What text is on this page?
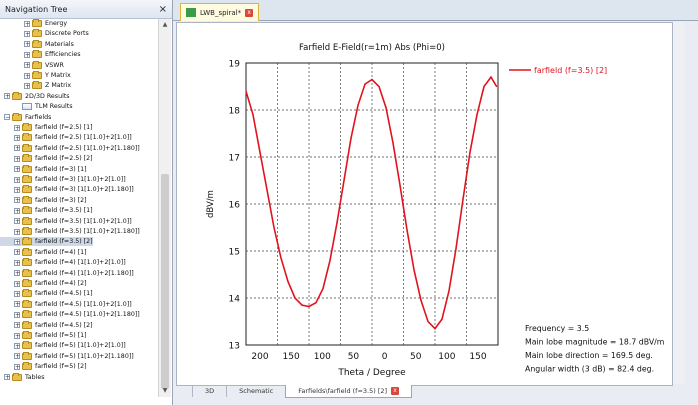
Navigation Tree	×
+ Energy
+ Discrete Ports
+ Materials
+ Efficiencies
+ VSWR
+ Y Matrix
+ Z Matrix
+ 2D/3D Results
TLM Results
− Farfields
+ farfield (f=2.5) [1]
+ farfield (f=2.5) [1[1.0]+2[1.0]]
+ farfield (f=2.5) [1[1.0]+2[1.180]]
+ farfield (f=2.5) [2]
+ farfield (f=3) [1]
+ farfield (f=3) [1[1.0]+2[1.0]]
+ farfield (f=3) [1[1.0]+2[1.180]]
+ farfield (f=3) [2]
+ farfield (f=3.5) [1]
+ farfield (f=3.5) [1[1.0]+2[1.0]]
+ farfield (f=3.5) [1[1.0]+2[1.180]]
+ farfield (f=3.5) [2]
+ farfield (f=4) [1]
+ farfield (f=4) [1[1.0]+2[1.0]]
+ farfield (f=4) [1[1.0]+2[1.180]]
+ farfield (f=4) [2]
+ farfield (f=4.5) [1]
+ farfield (f=4.5) [1[1.0]+2[1.0]]
+ farfield (f=4.5) [1[1.0]+2[1.180]]
+ farfield (f=4.5) [2]
+ farfield (f=5) [1]
+ farfield (f=5) [1[1.0]+2[1.0]]
+ farfield (f=5) [1[1.0]+2[1.180]]
+ farfield (f=5) [2]
+ Tables
▲
▼
LWB_spiral*	x
13
14
15
16
17
18
19
200 150 100 50	0	50 100 150
Farfield E-Field(r=1m) Abs (Phi=0)
Theta / Degree
dBV/m
farfield (f=3.5) [2]
Frequency = 3.5
Main lobe magnitude = 18.7 dBV/m
Main lobe direction = 169.5 deg.
Angular width (3 dB) = 82.4 deg.
3D	Schematic	Farfields\farfield (f=3.5) [2]	x
